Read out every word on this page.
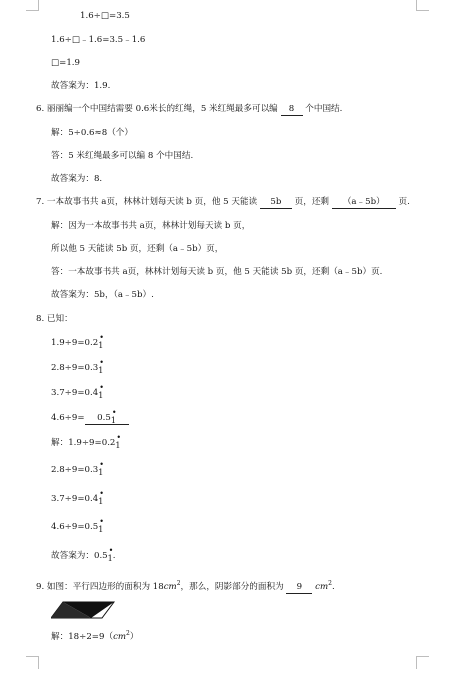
1.6÷□=3.5
1.6÷□﹣1.6=3.5﹣1.6
□=1.9
故答案为：1.9.
6. 丽丽编一个中国结需要 0.6米长的红绳，5 米红绳最多可以编 8 个中国结.
解：5÷0.6≈8（个）
答：5 米红绳最多可以编 8 个中国结.
故答案为：8.
7. 一本故事书共 a页，林林计划每天读 b 页，他 5 天能读 5b 页，还剩 （a﹣5b） 页.
解：因为一本故事书共 a页，林林计划每天读 b 页，
所以他 5 天能读 5b 页，还剩（a﹣5b）页，
答：一本故事书共 a页，林林计划每天读 b 页，他 5 天能读 5b 页，还剩（a﹣5b）页.
故答案为：5b，（a﹣5b）.
8. 已知：
1.9÷9=0.2
•
1
2.8÷9=0.3
•
1
3.7÷9=0.4
•
1
4.6÷9= 0.5
•
1
解：1.9÷9=0.2
•
1
2.8÷9=0.3
•
1
3.7÷9=0.4
•
1
4.6÷9=0.5
•
1
故答案为：0.5
•
1.
9. 如图：平行四边形的面积为 $18cm^2$，那么，阴影部分的面积为 9 $cm^2$.
解：$18\div 2=9(cm^2)$
